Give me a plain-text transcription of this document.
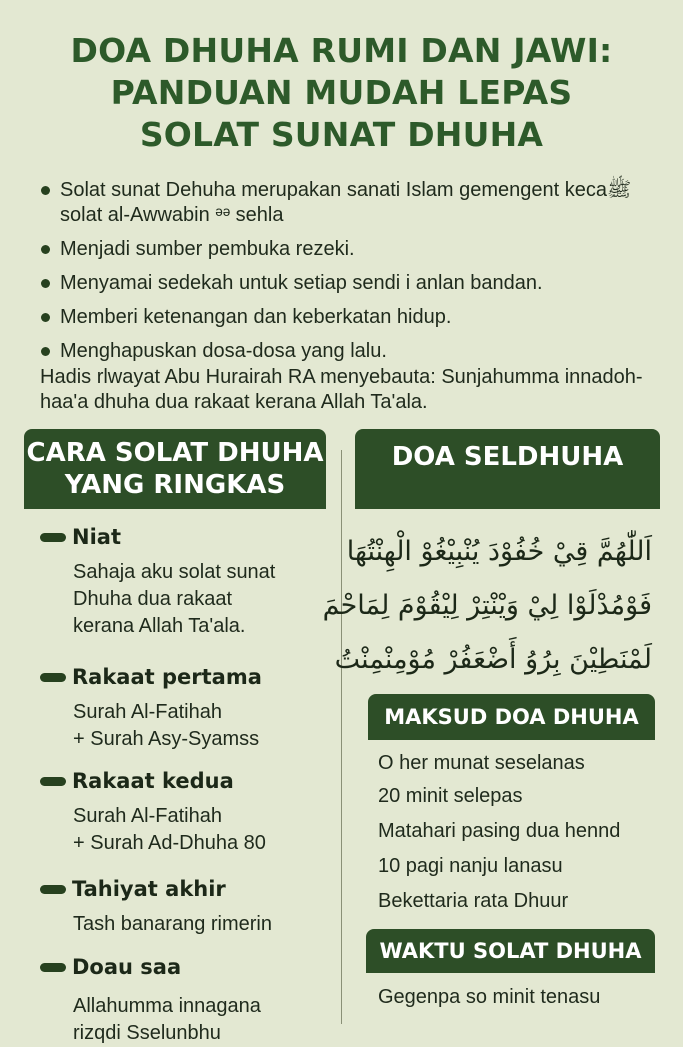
DOA DHUHA RUMI DAN JAWI:
PANDUAN MUDAH LEPAS
SOLAT SUNAT DHUHA
Solat sunat Dehuha merupakan sanati Islam gemengent kecaﷺ solat al-Awwabin ᵊᵊ sehla
Menjadi sumber pembuka rezeki.
Menyamai sedekah untuk setiap sendi i anlan bandan.
Memberi ketenangan dan keberkatan hidup.
Menghapuskan dosa-dosa yang lalu.
Hadis rlwayat Abu Hurairah RA menyebauta: Sunjahumma innadoh-haa'a dhuha dua rakaat kerana Allah Ta'ala.
CARA SOLAT DHUHA
YANG RINGKAS
DOA SELDHUHA
Niat
Sahaja aku solat sunat
Dhuha dua rakaat
kerana Allah Ta'ala.
Rakaat pertama
Surah Al-Fatihah
+ Surah Asy-Syamss
Rakaat kedua
Surah Al-Fatihah
+ Surah Ad-Dhuha 80
Tahiyat akhir
Tash banarang rimerin
Doau saa
Allahumma innagana
rizqdi Sselunbhu
اَللّٰهُمَّ قِيْ خُفُوْدَ يُنْبِيْغُوْ الْهِنْتُهَا
فَوْمُدْلَوْا لِيْ وَيْنْتِرْ لِيْقُوْمَ لِمَاحْمَ
لَمْنَطِيْنَ بِرُوُ أَضْعَفُرْ مُوْمِنْمِنْتُ
MAKSUD DOA DHUHA
O her munat seselanas
20 minit selepas
Matahari pasing dua hennd
10 pagi nanju lanasu
Bekettaria rata Dhuur
WAKTU SOLAT DHUHA
Gegenpa so minit tenasu
